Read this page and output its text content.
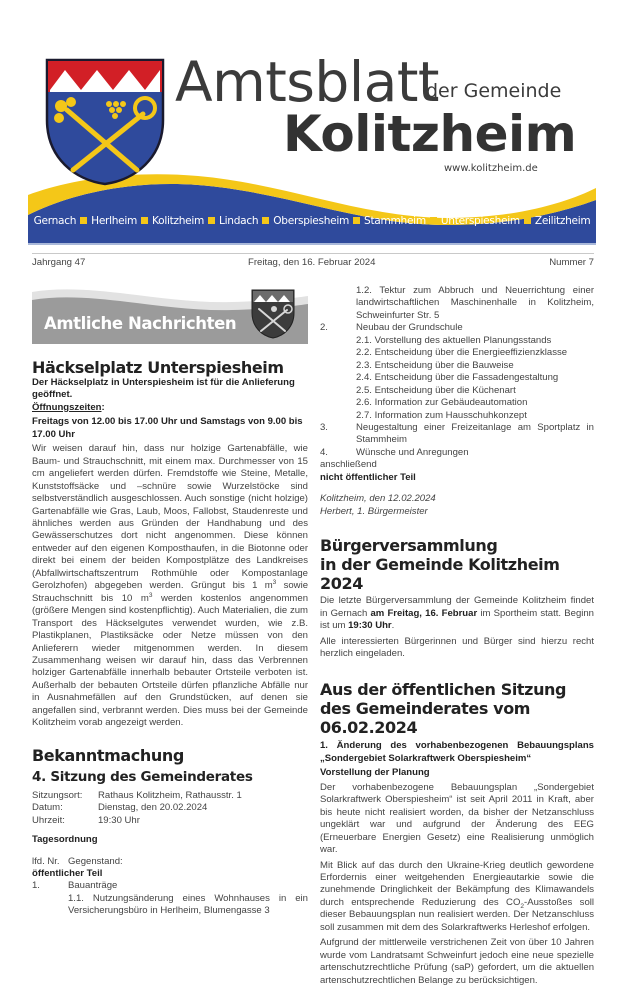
Amtsblatt
der Gemeinde
Kolitzheim
www.kolitzheim.de
Gernach Herlheim Kolitzheim Lindach Oberspiesheim Stammheim Unterspiesheim Zeilitzheim
Jahrgang 47	Freitag, den 16. Februar 2024	Nummer 7
Amtliche Nachrichten
Häckselplatz Unterspiesheim

Der Häckselplatz in Unterspiesheim ist für die Anlieferung geöffnet.

Öffnungszeiten:

Freitags von 12.00 bis 17.00 Uhr und Samstags von 9.00 bis 17.00 Uhr

Wir weisen darauf hin, dass nur holzige Gartenabfälle, wie Baum- und Strauchschnitt, mit einem max. Durchmesser von 15 cm angeliefert werden dürfen. Fremdstoffe wie Steine, Metalle, Kunststoffsäcke und –schnüre sowie Wurzelstöcke sind selbstverständlich ausgeschlossen. Auch sonstige (nicht holzige) Gartenabfälle wie Gras, Laub, Moos, Fallobst, Staudenreste und ähnliches werden aus Gründen der Handhabung und des Gewässerschutzes dort nicht angenommen. Diese können entweder auf den eigenen Komposthaufen, in die Biotonne oder direkt bei einem der beiden Kompostplätze des Landkreises (Abfallwirtschaftszentrum Rothmühle oder Kompostanlage Gerolzhofen) abgegeben werden. Grüngut bis 1 $m^3$ sowie Strauchschnitt bis 10 $m^3$ werden kostenlos angenommen (größere Mengen sind kostenpflichtig). Auch Materialien, die zum Transport des Häckselgutes verwendet wurden, wie z.B. Plastikplanen, Plastiksäcke oder Netze müssen von den Anlieferern wieder mitgenommen werden. In diesem Zusammenhang weisen wir darauf hin, dass das Verbrennen holziger Gartenabfälle innerhalb bebauter Ortsteile verboten ist. Außerhalb der bebauten Ortsteile dürfen pflanzliche Abfälle nur in Ausnahmefällen auf den Grundstücken, auf denen sie angefallen sind, verbrannt werden. Dies muss bei der Gemeinde Kolitzheim vorab angezeigt werden.

Bekanntmachung
4. Sitzung des Gemeinderates
Sitzungsort:	Rathaus Kolitzheim, Rathausstr. 1
Datum:	Dienstag, den 20.02.2024
Uhrzeit:	19:30 Uhr
Tagesordnung
lfd. Nr. Gegenstand:
öffentlicher Teil
1.	Bauanträge
1.1. Nutzungsänderung eines Wohnhauses in ein Versicherungsbüro in Herlheim, Blumengasse 3
1.2. Tektur zum Abbruch und Neuerrichtung einer landwirtschaftlichen Maschinenhalle in Kolitzheim, Schweinfurter Str. 5
2.	Neubau der Grundschule
2.1. Vorstellung des aktuellen Planungsstands
2.2. Entscheidung über die Energieeffizienzklasse
2.3. Entscheidung über die Bauweise
2.4. Entscheidung über die Fassadengestaltung
2.5. Entscheidung über die Küchenart
2.6. Information zur Gebäudeautomation
2.7. Information zum Hausschuhkonzept
3.	Neugestaltung einer Freizeitanlage am Sportplatz in Stammheim
4.	Wünsche und Anregungen
anschließend
nicht öffentlicher Teil
Kolitzheim, den 12.02.2024
Herbert, 1. Bürgermeister
Bürgerversammlung
in der Gemeinde Kolitzheim 2024

Die letzte Bürgerversammlung der Gemeinde Kolitzheim findet in Gernach am Freitag, 16. Februar im Sportheim statt. Beginn ist um 19:30 Uhr.

Alle interessierten Bürgerinnen und Bürger sind hierzu recht herzlich eingeladen.

Aus der öffentlichen Sitzung
des Gemeinderates vom 06.02.2024

1. Änderung des vorhabenbezogenen Bebauungsplans „Sondergebiet Solarkraftwerk Oberspiesheim“

Vorstellung der Planung

Der vorhabenbezogene Bebauungsplan „Sondergebiet Solarkraftwerk Oberspiesheim“ ist seit April 2011 in Kraft, aber bis heute nicht realisiert worden, da bisher der Netzanschluss ungeklärt war und aufgrund der Änderung des EEG (Erneuerbare Energien Gesetz) eine Realisierung unmöglich war.

Mit Blick auf das durch den Ukraine-Krieg deutlich gewordene Erfordernis einer weitgehenden Energieautarkie sowie die zunehmende Dringlichkeit der Bekämpfung des Klimawandels durch entsprechende Reduzierung des $CO_2$-Ausstoßes soll dieser Bebauungsplan nun realisiert werden. Der Netzanschluss soll zusammen mit dem des Solarkraftwerks Herleshof erfolgen.

Aufgrund der mittlerweile verstrichenen Zeit von über 10 Jahren wurde vom Landratsamt Schweinfurt jedoch eine neue spezielle artenschutzrechtliche Prüfung (saP) gefordert, um die aktuellen artenschutzrechtlichen Belange zu berücksichtigen.
